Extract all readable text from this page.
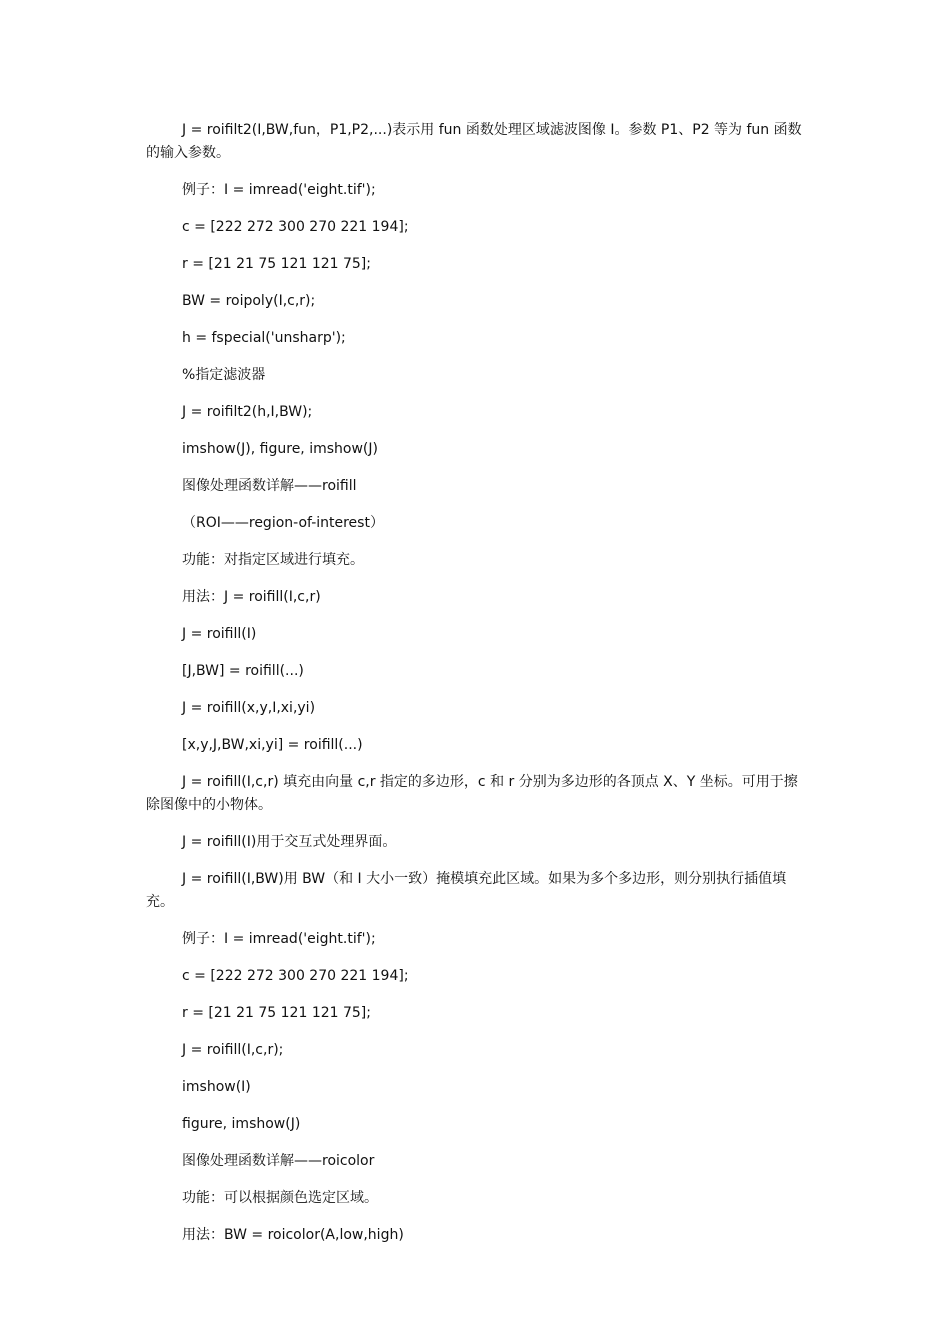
J = roifilt2(I,BW,fun，P1,P2,...)表示用 fun 函数处理区域滤波图像 I。参数 P1、P2 等为 fun 函数的输入参数。

例子：I = imread('eight.tif');

c = [222 272 300 270 221 194];

r = [21 21 75 121 121 75];

BW = roipoly(I,c,r);

h = fspecial('unsharp');

%指定滤波器

J = roifilt2(h,I,BW);

imshow(J), figure, imshow(J)

图像处理函数详解——roifill

（ROI——region-of-interest）

功能：对指定区域进行填充。

用法：J = roifill(I,c,r)

J = roifill(I)

[J,BW] = roifill(...)

J = roifill(x,y,I,xi,yi)

[x,y,J,BW,xi,yi] = roifill(...)

J = roifill(I,c,r) 填充由向量 c,r 指定的多边形，c 和 r 分别为多边形的各顶点 X、Y 坐标。可用于擦除图像中的小物体。

J = roifill(I)用于交互式处理界面。

J = roifill(I,BW)用 BW（和 I 大小一致）掩模填充此区域。如果为多个多边形，则分别执行插值填充。

例子：I = imread('eight.tif');

c = [222 272 300 270 221 194];

r = [21 21 75 121 121 75];

J = roifill(I,c,r);

imshow(I)

figure, imshow(J)

图像处理函数详解——roicolor

功能：可以根据颜色选定区域。

用法：BW = roicolor(A,low,high)
